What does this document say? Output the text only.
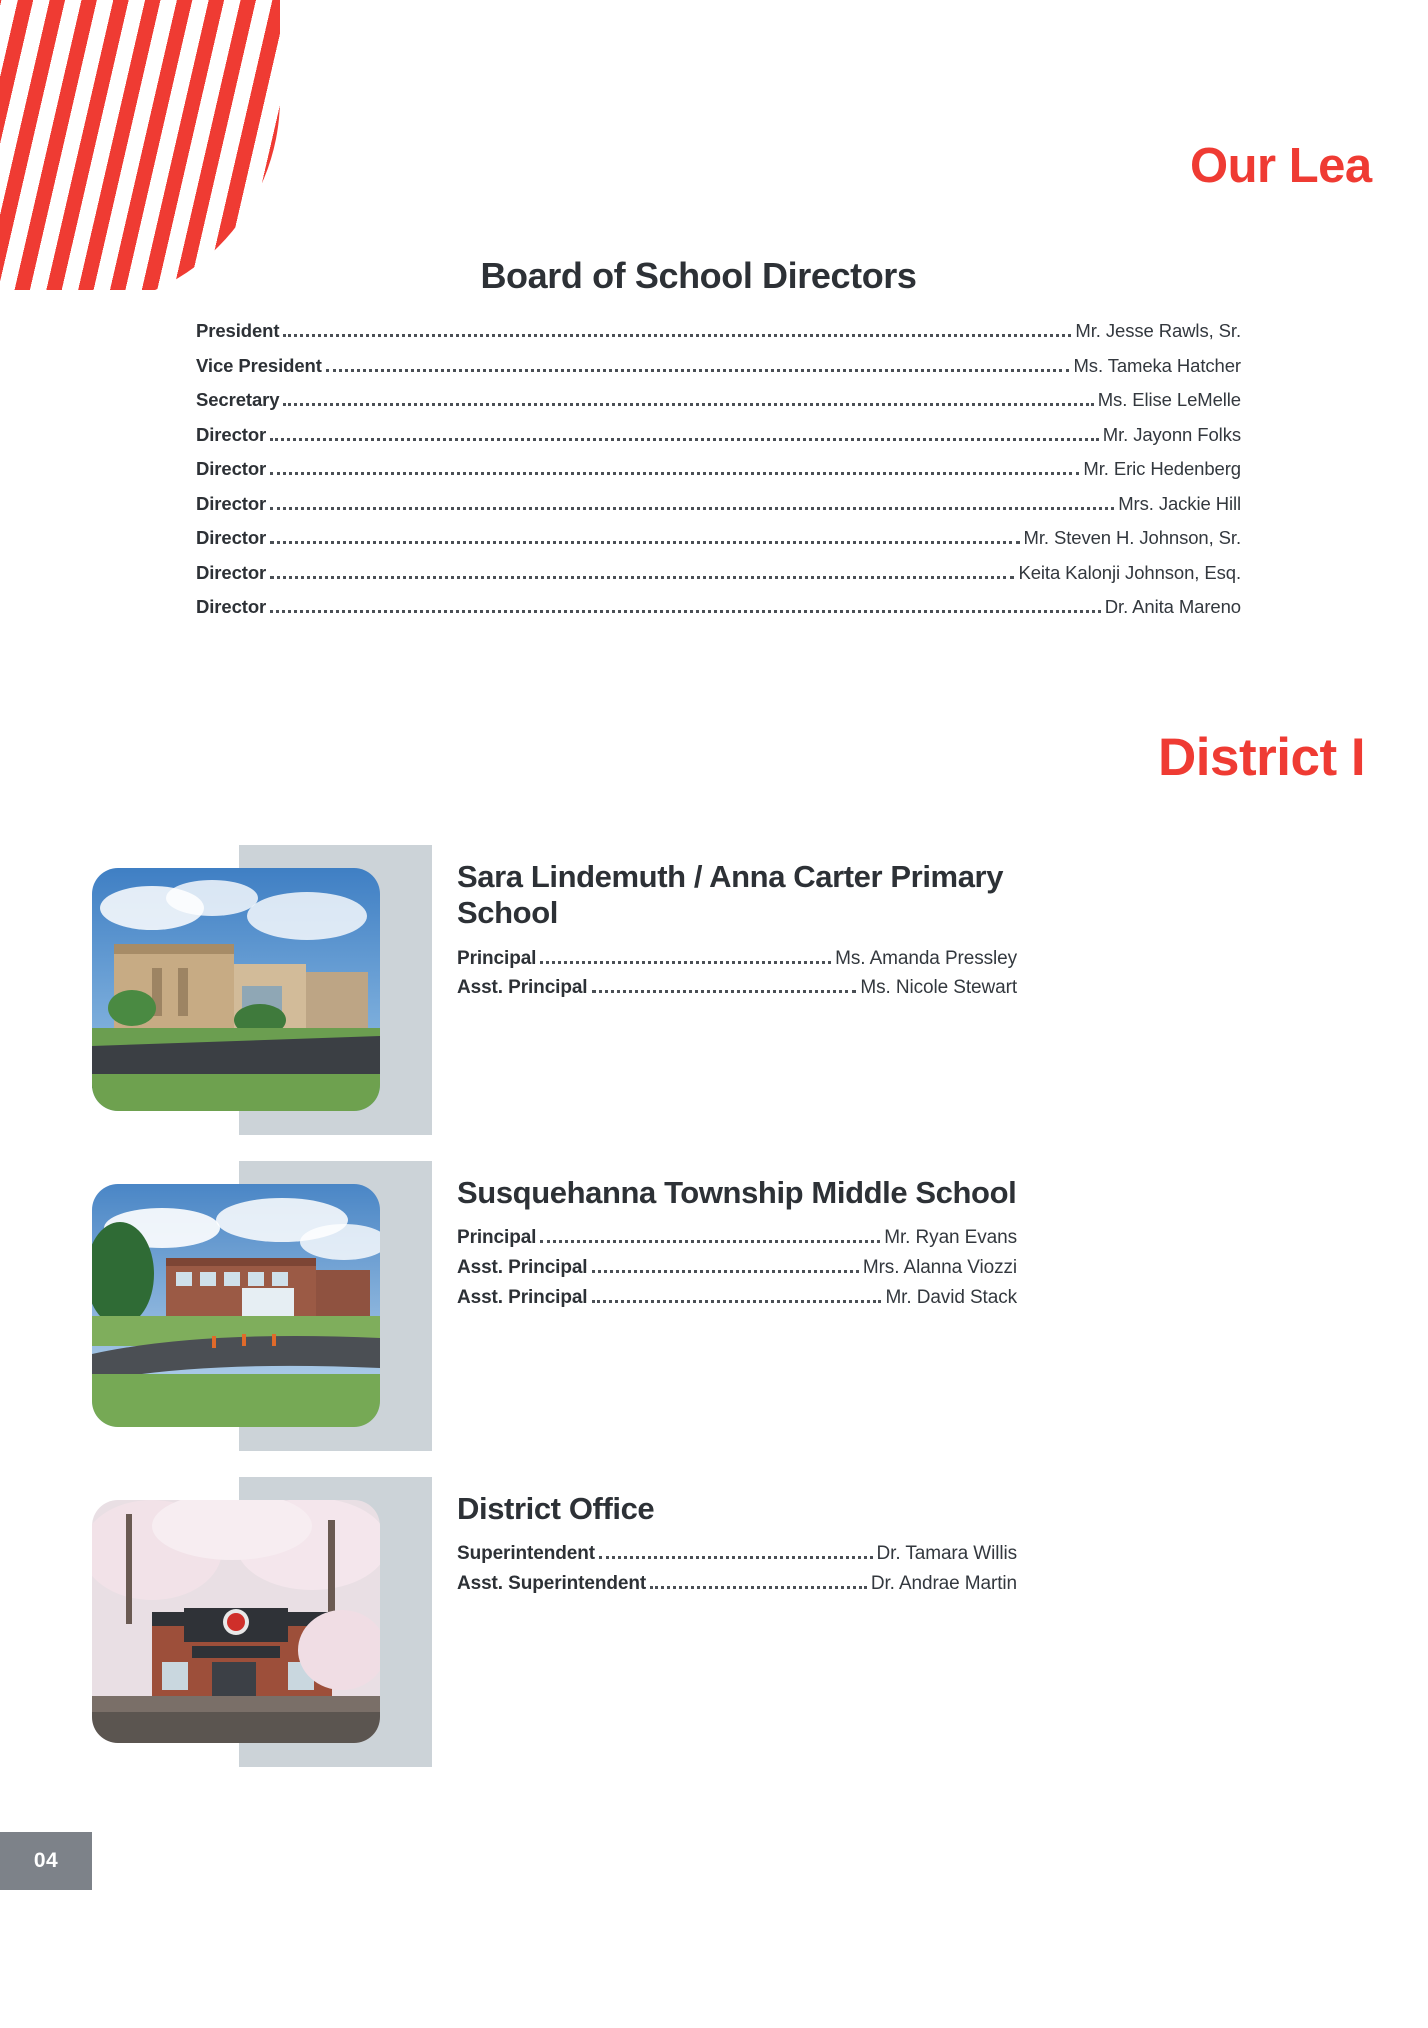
Our Lea
District I
Board of School Directors
President	Mr. Jesse Rawls, Sr.
Vice President	Ms. Tameka Hatcher
Secretary	Ms. Elise LeMelle
Director	Mr. Jayonn Folks
Director	Mr. Eric Hedenberg
Director	Mrs. Jackie Hill
Director	Mr. Steven H. Johnson, Sr.
Director	Keita Kalonji Johnson, Esq.
Director	Dr. Anita Mareno
Sara Lindemuth / Anna Carter Primary School
Principal	Ms. Amanda Pressley
Asst. Principal	Ms. Nicole Stewart
Susquehanna Township Middle School
Principal	Mr. Ryan Evans
Asst. Principal	Mrs. Alanna Viozzi
Asst. Principal	Mr. David Stack
District Office
Superintendent	Dr. Tamara Willis
Asst. Superintendent	Dr. Andrae Martin
04
